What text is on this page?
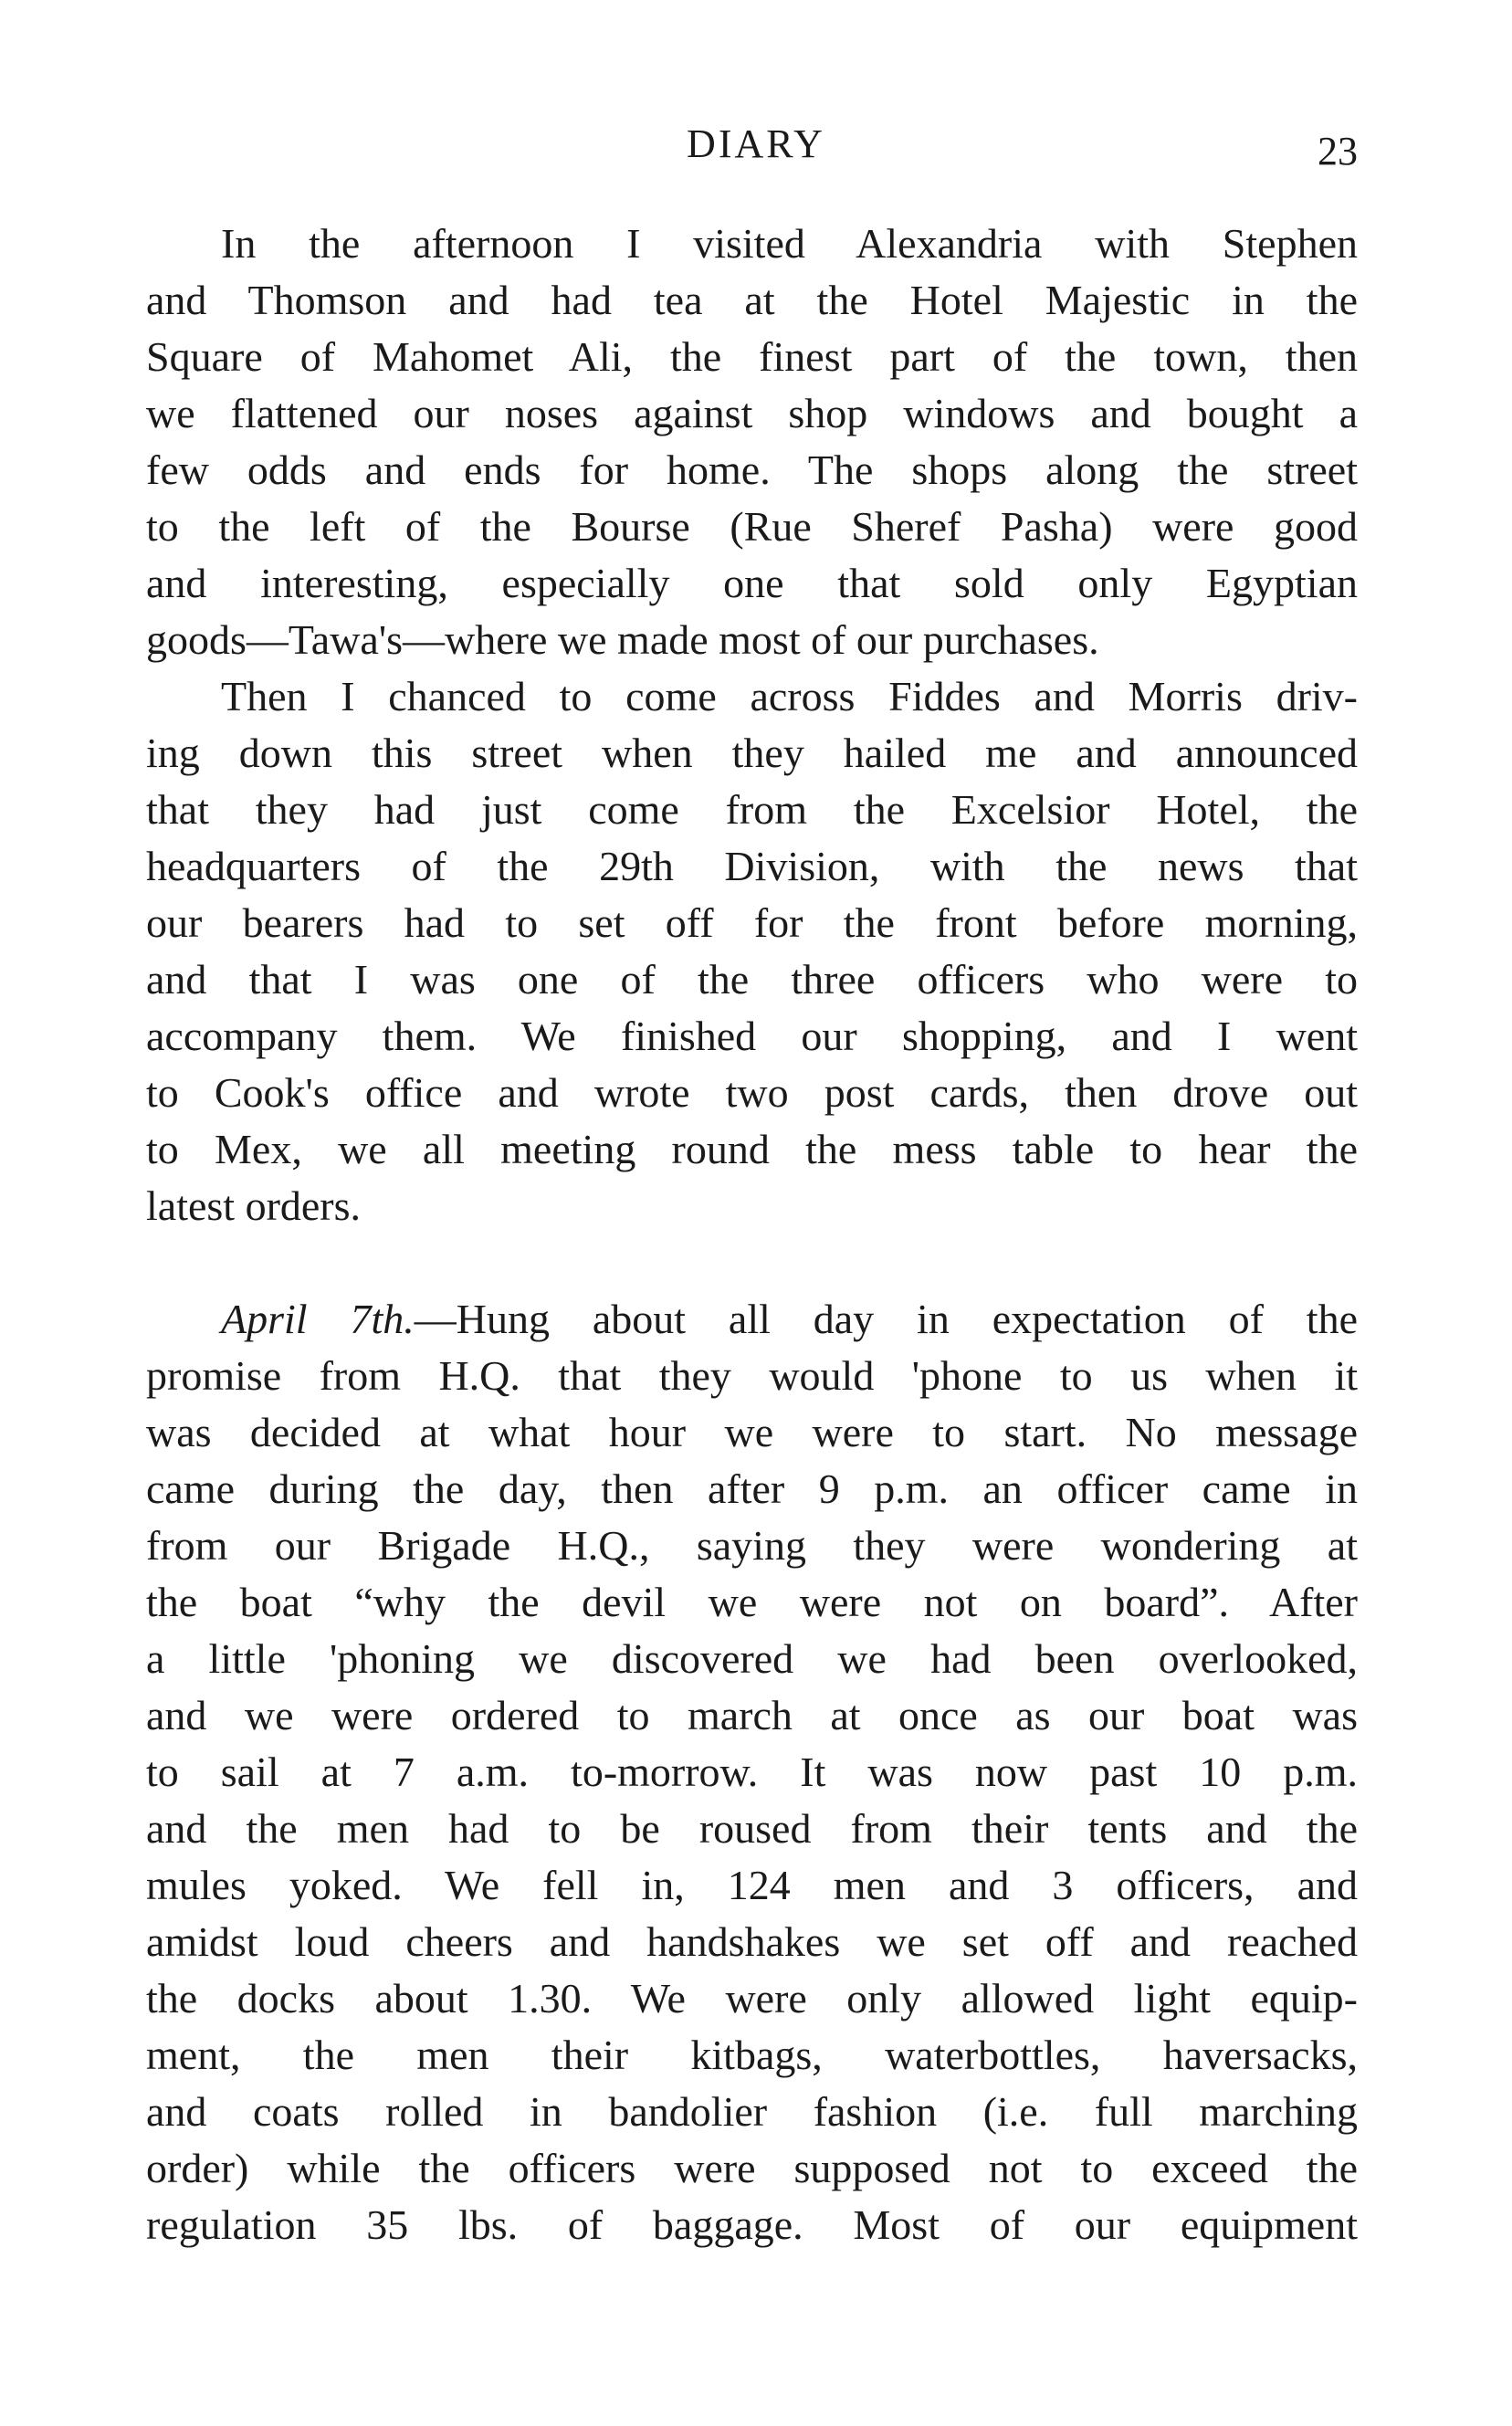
DIARY	23
In the afternoon I visited Alexandria with Stephen
and Thomson and had tea at the Hotel Majestic in the
Square of Mahomet Ali, the finest part of the town, then
we flattened our noses against shop windows and bought a
few odds and ends for home. The shops along the street
to the left of the Bourse (Rue Sheref Pasha) were good
and interesting, especially one that sold only Egyptian
goods—Tawa's—where we made most of our purchases.
Then I chanced to come across Fiddes and Morris driv-
ing down this street when they hailed me and announced
that they had just come from the Excelsior Hotel, the
headquarters of the 29th Division, with the news that
our bearers had to set off for the front before morning,
and that I was one of the three officers who were to
accompany them. We finished our shopping, and I went
to Cook's office and wrote two post cards, then drove out
to Mex, we all meeting round the mess table to hear the
latest orders.
April 7th.—Hung about all day in expectation of the
promise from H.Q. that they would 'phone to us when it
was decided at what hour we were to start. No message
came during the day, then after 9 p.m. an officer came in
from our Brigade H.Q., saying they were wondering at
the boat “why the devil we were not on board”. After
a little 'phoning we discovered we had been overlooked,
and we were ordered to march at once as our boat was
to sail at 7 a.m. to-morrow. It was now past 10 p.m.
and the men had to be roused from their tents and the
mules yoked. We fell in, 124 men and 3 officers, and
amidst loud cheers and handshakes we set off and reached
the docks about 1.30. We were only allowed light equip-
ment, the men their kitbags, waterbottles, haversacks,
and coats rolled in bandolier fashion (i.e. full marching
order) while the officers were supposed not to exceed the
regulation 35 lbs. of baggage. Most of our equipment
